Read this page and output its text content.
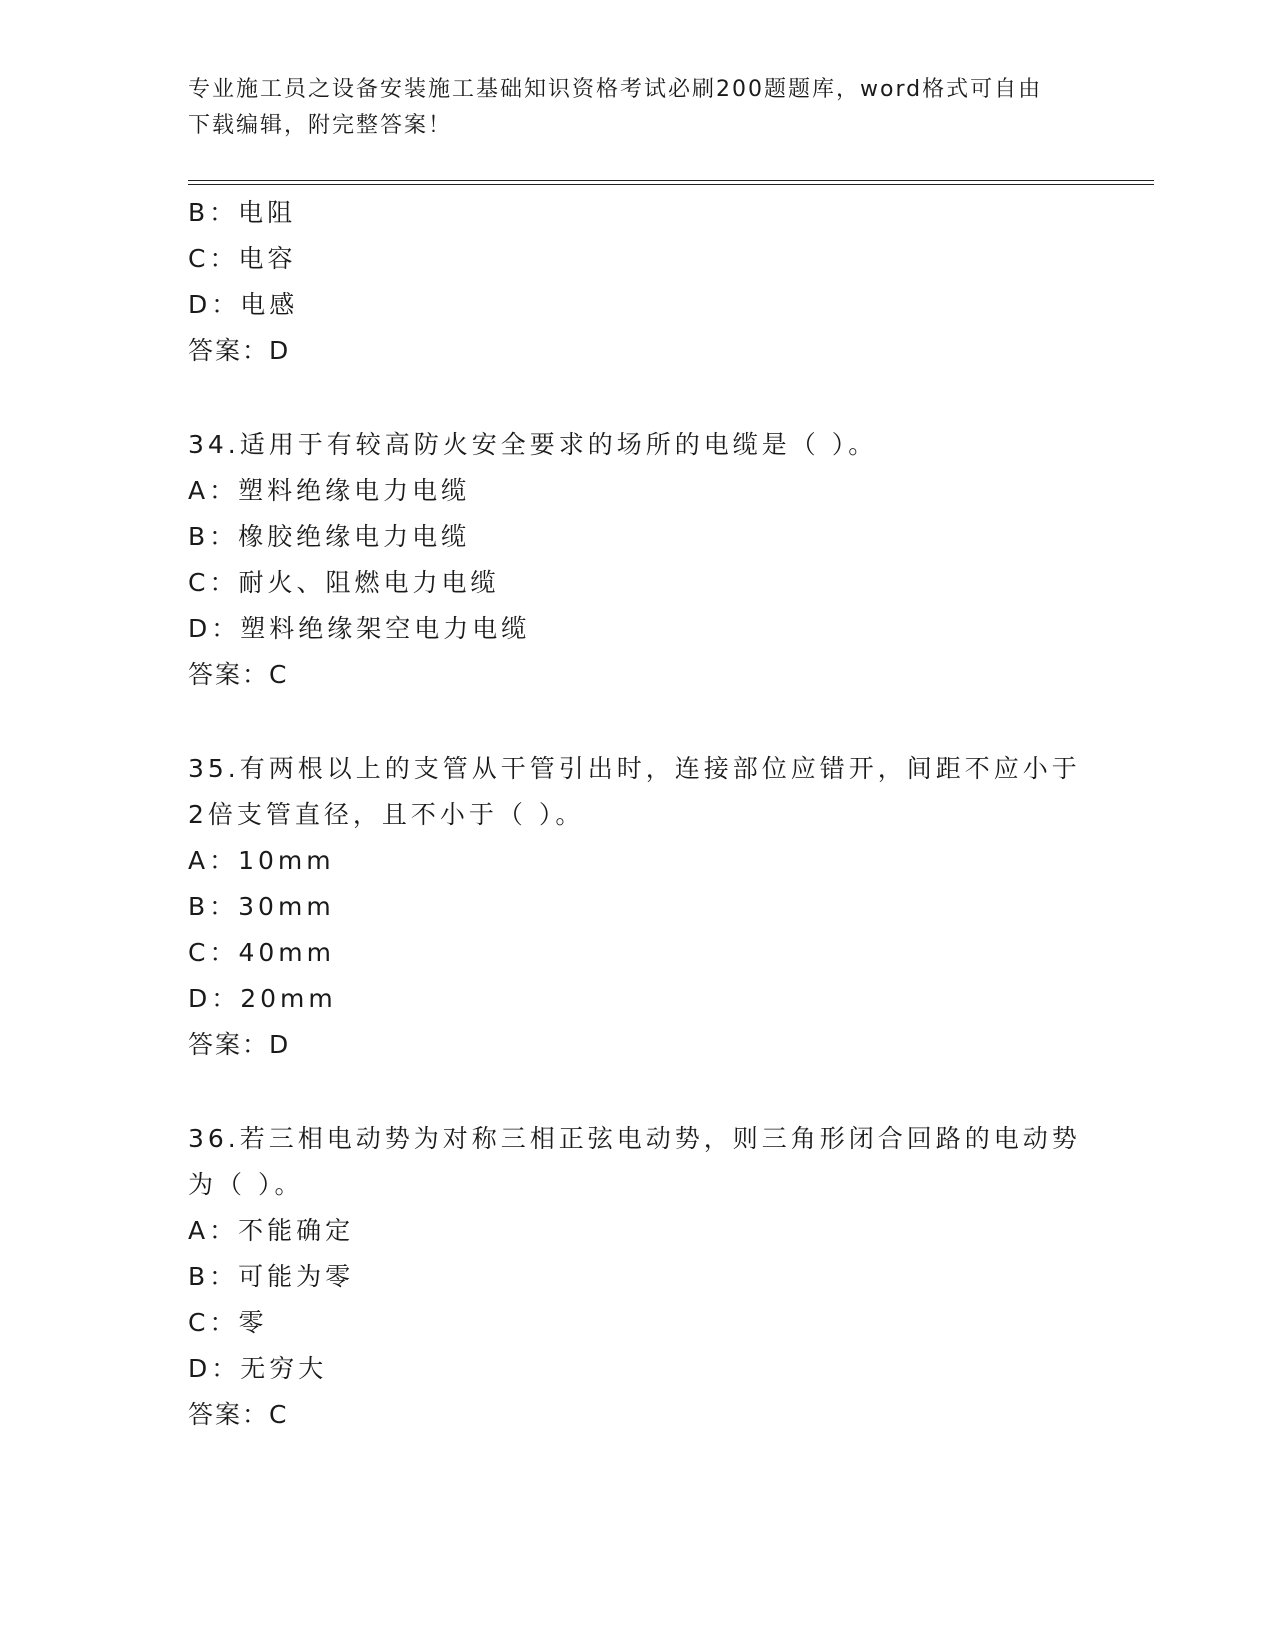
专业施工员之设备安装施工基础知识资格考试必刷200题题库，word格式可自由
下载编辑，附完整答案！
B：电阻
C：电容
D：电感
答案：D
34.适用于有较高防火安全要求的场所的电缆是（ ）。
A：塑料绝缘电力电缆
B：橡胶绝缘电力电缆
C：耐火、阻燃电力电缆
D：塑料绝缘架空电力电缆
答案：C
35.有两根以上的支管从干管引出时，连接部位应错开，间距不应小于
2倍支管直径，且不小于（ ）。
A：10mm
B：30mm
C：40mm
D：20mm
答案：D
36.若三相电动势为对称三相正弦电动势，则三角形闭合回路的电动势
为（ ）。
A：不能确定
B：可能为零
C：零
D：无穷大
答案：C
